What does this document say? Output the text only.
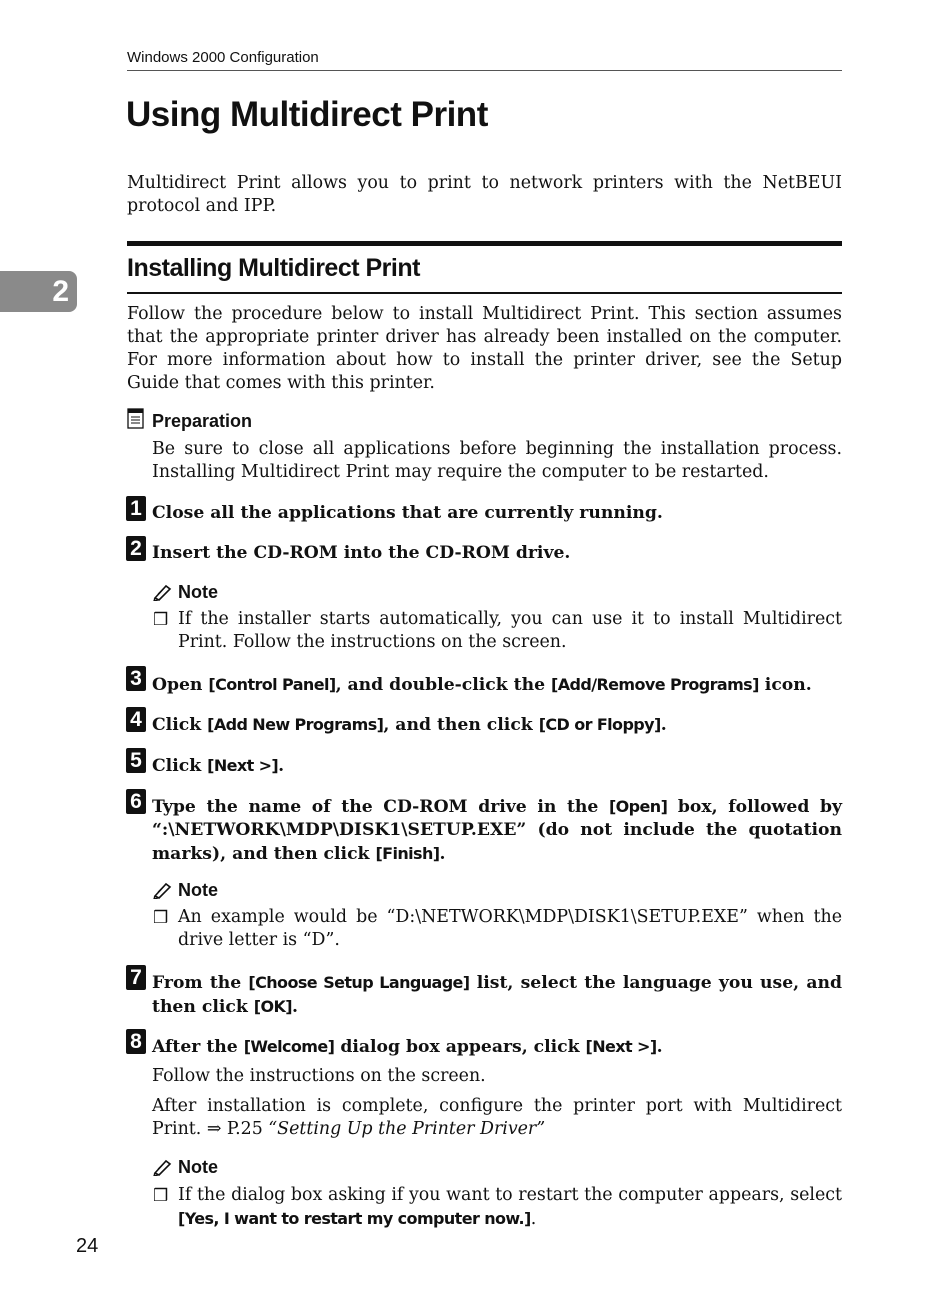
Windows 2000 Configuration
Using Multidirect Print
Multidirect Print allows you to print to network printers with the NetBEUI protocol and IPP.
2
Installing Multidirect Print
Follow the procedure below to install Multidirect Print. This section assumes that the appropriate printer driver has already been installed on the computer. For more information about how to install the printer driver, see the Setup Guide that comes with this printer.
Preparation
Be sure to close all applications before beginning the installation process. Installing Multidirect Print may require the computer to be restarted.
1 Close all the applications that are currently running.
2 Insert the CD-ROM into the CD-ROM drive.
Note
❒ If the installer starts automatically, you can use it to install Multidirect Print. Follow the instructions on the screen.
3 Open [Control Panel], and double-click the [Add/Remove Programs] icon.
4 Click [Add New Programs], and then click [CD or Floppy].
5 Click [Next >].
6 Type the name of the CD-ROM drive in the [Open] box, followed by “:\NETWORK\MDP\DISK1\SETUP.EXE” (do not include the quotation marks), and then click [Finish].
Note
❒ An example would be “D:\NETWORK\MDP\DISK1\SETUP.EXE” when the drive letter is “D”.
7 From the [Choose Setup Language] list, select the language you use, and then click [OK].
8 After the [Welcome] dialog box appears, click [Next >].
Follow the instructions on the screen.
After installation is complete, configure the printer port with Multidirect Print. ⇒ P.25 “Setting Up the Printer Driver”
Note
❒ If the dialog box asking if you want to restart the computer appears, select [Yes, I want to restart my computer now.].
24
